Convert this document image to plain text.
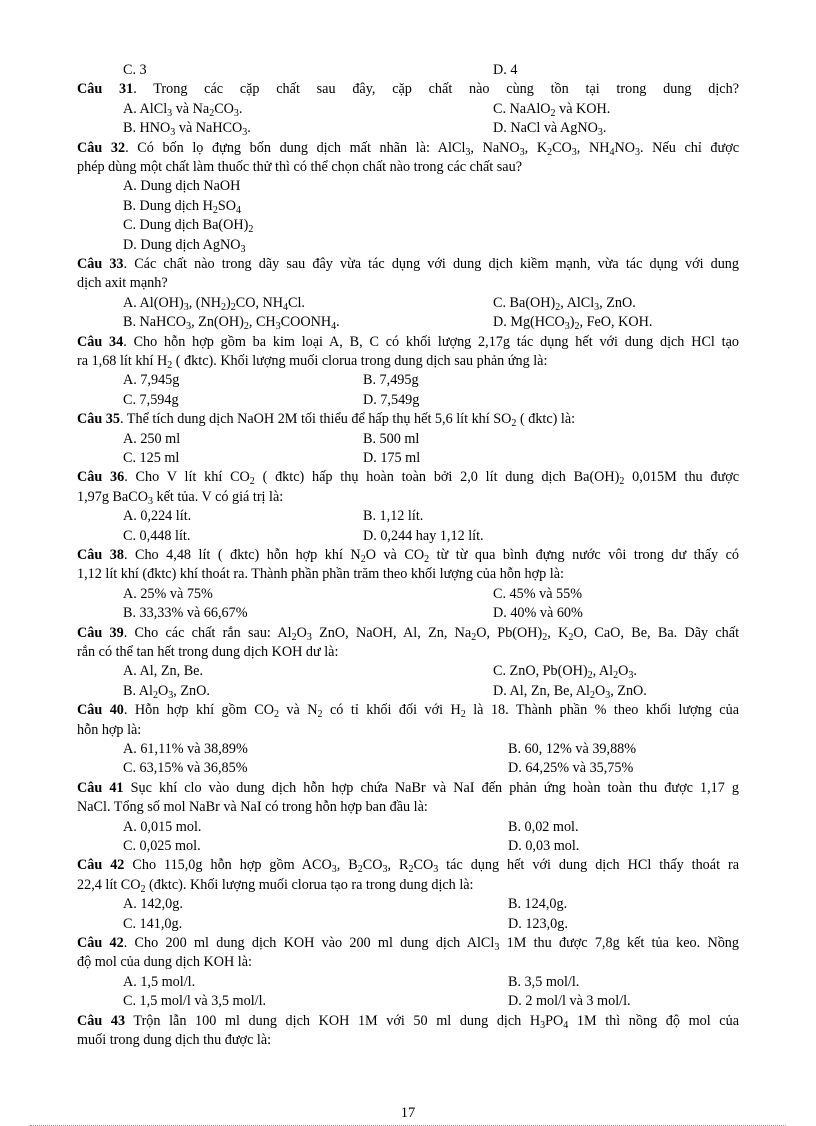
C. 3	D. 4
Câu 31. Trong các cặp chất sau đây, cặp chất nào cùng tồn tại trong dung dịch?
A. AlCl$_3$ và $Na_2CO_3$.	C. NaAlO$_2$ và KOH.
B. $HNO_3$ và NaHCO$_3$.	D. NaCl và AgNO$_3$.
Câu 32. Có bốn lọ đựng bốn dung dịch mất nhãn là: AlCl$_3$, NaNO$_3$, $K_2CO_3$, $NH_4NO_3$. Nếu chỉ được
phép dùng một chất làm thuốc thử thì có thể chọn chất nào trong các chất sau?
A. Dung dịch NaOH
B. Dung dịch $H_2SO_4$
C. Dung dịch $Ba(OH)_2$
D. Dung dịch AgNO$_3$
Câu 33. Các chất nào trong dãy sau đây vừa tác dụng với dung dịch kiềm mạnh, vừa tác dụng với dung
dịch axit mạnh?
A. $Al(OH)_3$, $(NH_2)_2CO$, $NH_4Cl$.	C. $Ba(OH)_2$, AlCl$_3$, ZnO.
B. NaHCO$_3$, $Zn(OH)_2$, $CH_3COONH_4$.	D. $Mg(HCO_3)_2$, FeO, KOH.
Câu 34. Cho hỗn hợp gồm ba kim loại A, B, C có khối lượng 2,17g tác dụng hết với dung dịch HCl tạo
ra 1,68 lít khí $H_2$ ( đktc). Khối lượng muối clorua trong dung dịch sau phản ứng là:
A. 7,945g	B. 7,495g
C. 7,594g	D. 7,549g
Câu 35. Thể tích dung dịch NaOH 2M tối thiểu để hấp thụ hết 5,6 lít khí $SO_2$ ( đktc) là:
A. 250 ml	B. 500 ml
C. 125 ml	D. 175 ml
Câu 36. Cho V lít khí $CO_2$ ( đktc) hấp thụ hoàn toàn bởi 2,0 lít dung dịch $Ba(OH)_2$ 0,015M thu được
1,97g BaCO$_3$ kết tủa. V có giá trị là:
A. 0,224 lít.	B. 1,12 lít.
C. 0,448 lít.	D. 0,244 hay 1,12 lít.
Câu 38. Cho 4,48 lít ( đktc) hỗn hợp khí $N_2O$ và $CO_2$ từ từ qua bình đựng nước vôi trong dư thấy có
1,12 lít khí (đktc) khí thoát ra. Thành phần phần trăm theo khối lượng của hỗn hợp là:
A. 25% và 75%	C. 45% và 55%
B. 33,33% và 66,67%	D. 40% và 60%
Câu 39. Cho các chất rắn sau: $Al_2O_3$ ZnO, NaOH, Al, Zn, $Na_2O$, $Pb(OH)_2$, $K_2O$, CaO, Be, Ba. Dãy chất
rắn có thể tan hết trong dung dịch KOH dư là:
A. Al, Zn, Be.	C. ZnO, $Pb(OH)_2$, $Al_2O_3$.
B. $Al_2O_3$, ZnO.	D. Al, Zn, Be, $Al_2O_3$, ZnO.
Câu 40. Hỗn hợp khí gồm $CO_2$ và $N_2$ có tỉ khối đối với $H_2$ là 18. Thành phần % theo khối lượng của
hỗn hợp là:
A. 61,11% và 38,89%	B. 60, 12% và 39,88%
C. 63,15% và 36,85%	D. 64,25% và 35,75%
Câu 41 Sục khí clo vào dung dịch hỗn hợp chứa NaBr và NaI đến phản ứng hoàn toàn thu được 1,17 g
NaCl. Tổng số mol NaBr và NaI có trong hỗn hợp ban đầu là:
A. 0,015 mol.	B. 0,02 mol.
C. 0,025 mol.	D. 0,03 mol.
Câu 42 Cho 115,0g hỗn hợp gồm $ACO_3$, $B_2CO_3$, $R_2CO_3$ tác dụng hết với dung dịch HCl thấy thoát ra
22,4 lít $CO_2$ (đktc). Khối lượng muối clorua tạo ra trong dung dịch là:
A. 142,0g.	B. 124,0g.
C. 141,0g.	D. 123,0g.
Câu 42. Cho 200 ml dung dịch KOH vào 200 ml dung dịch AlCl$_3$ 1M thu được 7,8g kết tủa keo. Nồng
độ mol của dung dịch KOH là:
A. 1,5 mol/l.	B. 3,5 mol/l.
C. 1,5 mol/l và 3,5 mol/l.	D. 2 mol/l và 3 mol/l.
Câu 43 Trộn lẫn 100 ml dung dịch KOH 1M với 50 ml dung dịch $H_3PO_4$ 1M thì nồng độ mol của
muối trong dung dịch thu được là:
17
